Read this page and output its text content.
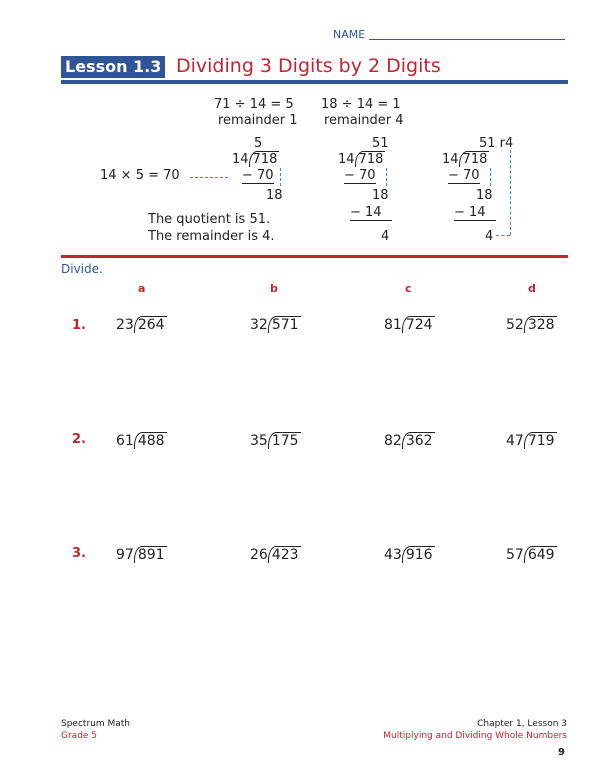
NAME
Lesson 1.3 Dividing 3 Digits by 2 Digits
71 ÷ 14 = 5
remainder 1
18 ÷ 14 = 1
remainder 4
14 × 5 = 70
5
14 718
− 70
18
51
14 718
− 70
18
− 14
4
51 r4
14 718
− 70
18
− 14
4
The quotient is 51.
The remainder is 4.
Divide.
a	b	c	d
1. 23 264	32 571	81 724	52 328
2. 61 488	35 175	82 362	47 719
3. 97 891	26 423	43 916	57 649
Spectrum Math
Grade 5
Chapter 1, Lesson 3
Multiplying and Dividing Whole Numbers
9
